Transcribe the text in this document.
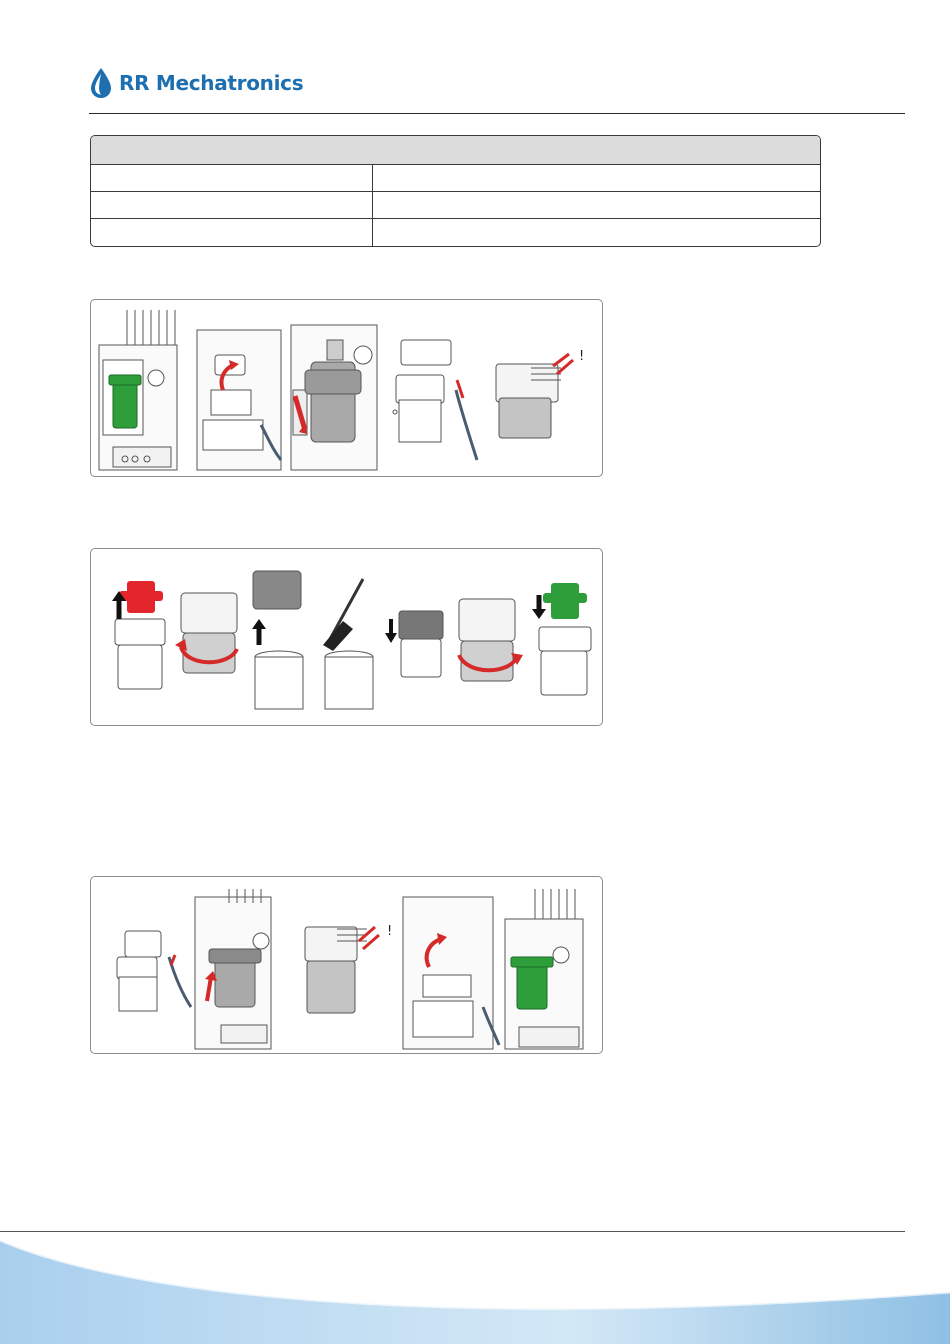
RR Mechatronics
!
!
